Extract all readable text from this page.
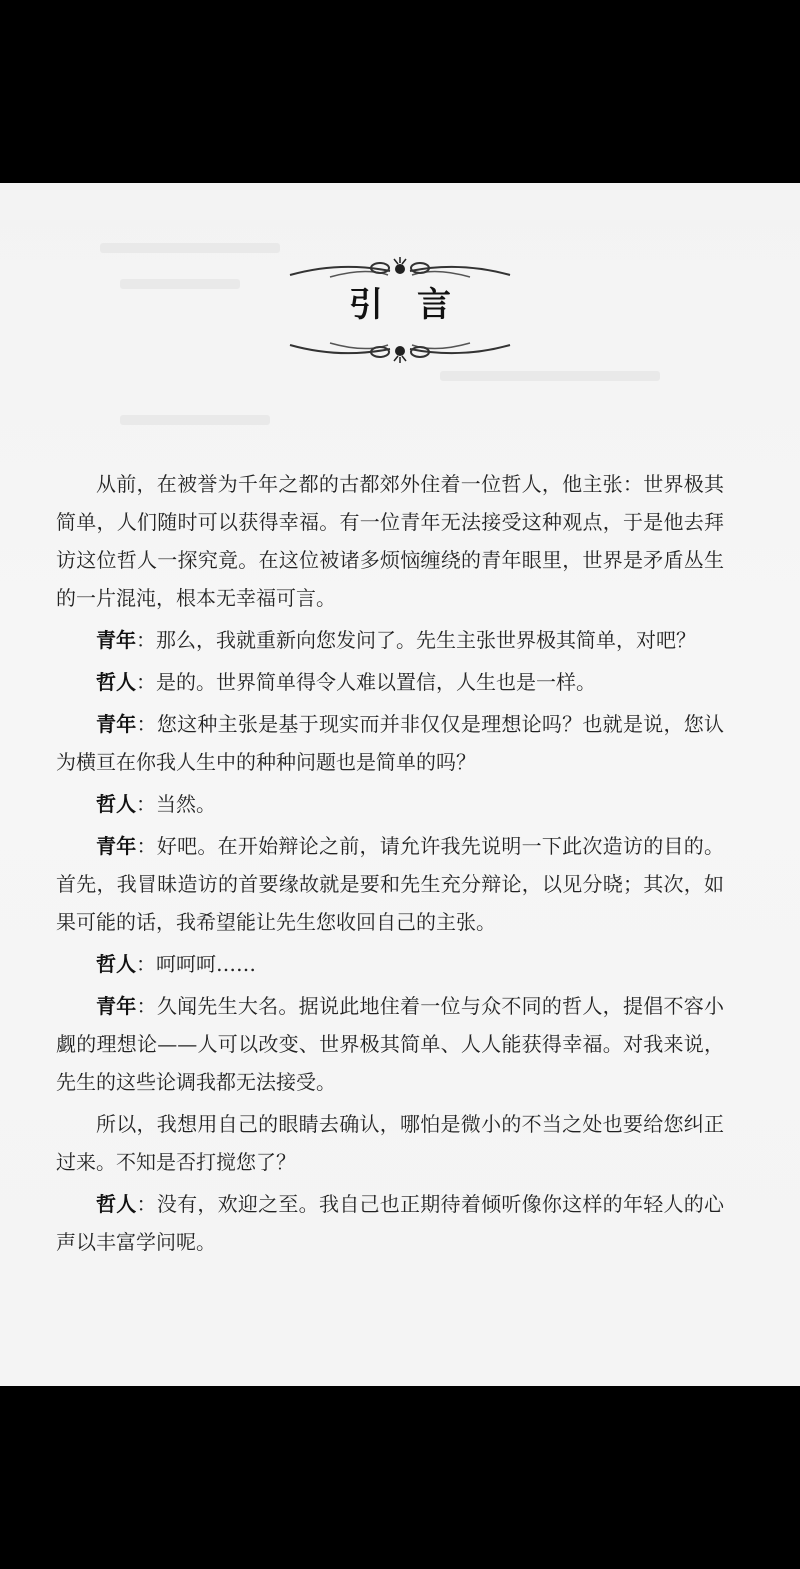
引言

从前，在被誉为千年之都的古都郊外住着一位哲人，他主张：世界极其简单，人们随时可以获得幸福。有一位青年无法接受这种观点，于是他去拜访这位哲人一探究竟。在这位被诸多烦恼缠绕的青年眼里，世界是矛盾丛生的一片混沌，根本无幸福可言。

青年：那么，我就重新向您发问了。先生主张世界极其简单，对吧？

哲人：是的。世界简单得令人难以置信，人生也是一样。

青年：您这种主张是基于现实而并非仅仅是理想论吗？也就是说，您认为横亘在你我人生中的种种问题也是简单的吗？

哲人：当然。

青年：好吧。在开始辩论之前，请允许我先说明一下此次造访的目的。首先，我冒昧造访的首要缘故就是要和先生充分辩论，以见分晓；其次，如果可能的话，我希望能让先生您收回自己的主张。

哲人：呵呵呵……

青年：久闻先生大名。据说此地住着一位与众不同的哲人，提倡不容小觑的理想论——人可以改变、世界极其简单、人人能获得幸福。对我来说，先生的这些论调我都无法接受。

所以，我想用自己的眼睛去确认，哪怕是微小的不当之处也要给您纠正过来。不知是否打搅您了？

哲人：没有，欢迎之至。我自己也正期待着倾听像你这样的年轻人的心声以丰富学问呢。
